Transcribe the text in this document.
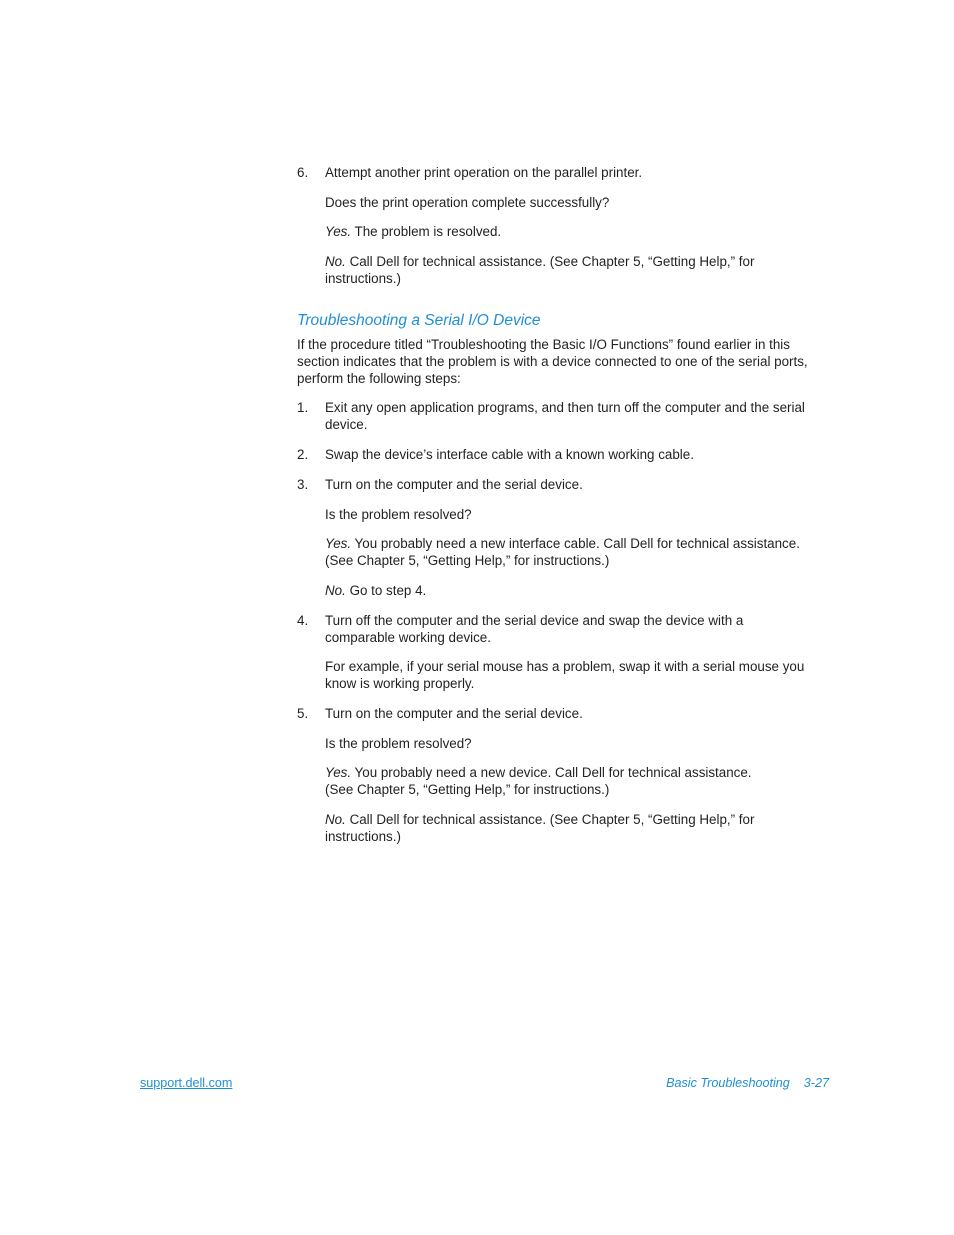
6. Attempt another print operation on the parallel printer.
Does the print operation complete successfully?
Yes. The problem is resolved.
No. Call Dell for technical assistance. (See Chapter 5, “Getting Help,” for instructions.)
Troubleshooting a Serial I/O Device
If the procedure titled “Troubleshooting the Basic I/O Functions” found earlier in this section indicates that the problem is with a device connected to one of the serial ports, perform the following steps:
1. Exit any open application programs, and then turn off the computer and the serial device.
2. Swap the device’s interface cable with a known working cable.
3. Turn on the computer and the serial device.
Is the problem resolved?
Yes. You probably need a new interface cable. Call Dell for technical assistance. (See Chapter 5, “Getting Help,” for instructions.)
No. Go to step 4.
4. Turn off the computer and the serial device and swap the device with a comparable working device.
For example, if your serial mouse has a problem, swap it with a serial mouse you know is working properly.
5. Turn on the computer and the serial device.
Is the problem resolved?
Yes. You probably need a new device. Call Dell for technical assistance.
(See Chapter 5, “Getting Help,” for instructions.)
No. Call Dell for technical assistance. (See Chapter 5, “Getting Help,” for instructions.)
support.dell.com	Basic Troubleshooting 3-27
